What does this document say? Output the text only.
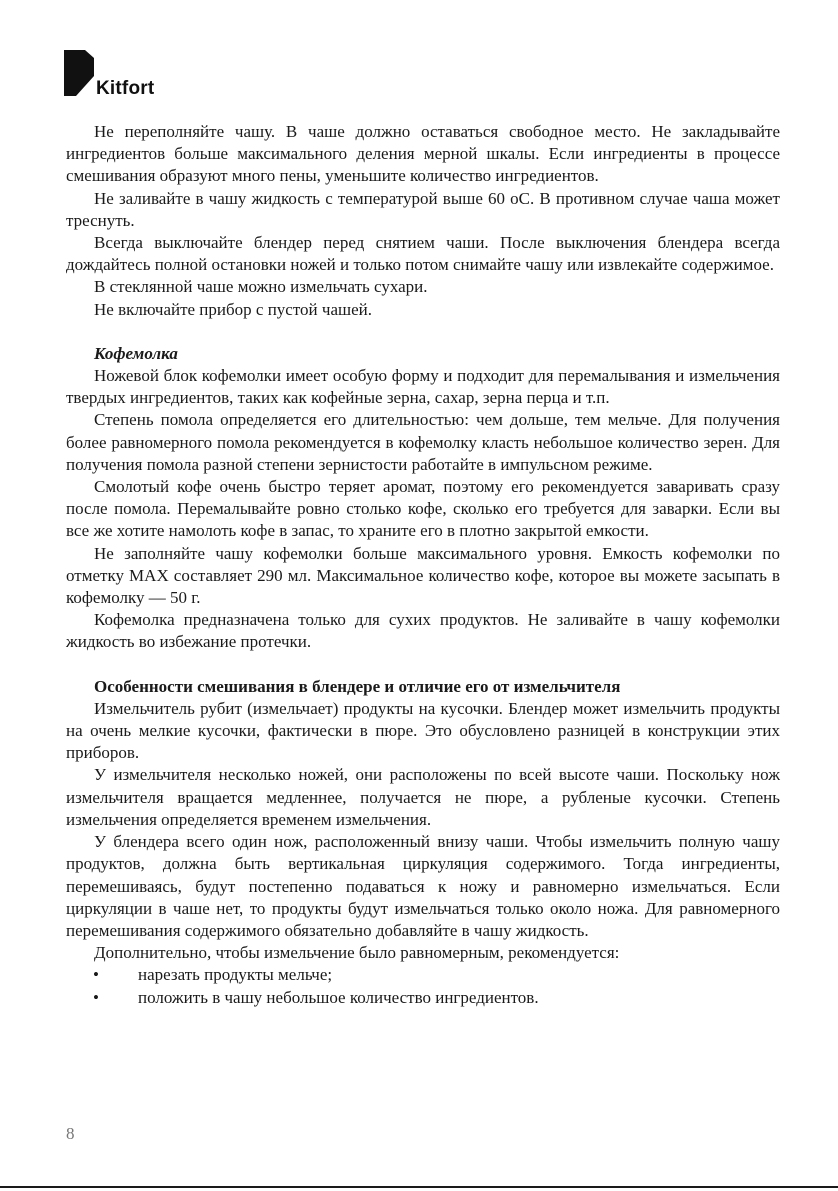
Kitfort

Не переполняйте чашу. В чаше должно оставаться свободное место. Не закладывайте ингредиентов больше максимального деления мерной шкалы. Если ингредиенты в процессе смешивания образуют много пены, уменьшите количество ингредиентов.

Не заливайте в чашу жидкость с температурой выше 60 оС. В противном случае чаша может треснуть.

Всегда выключайте блендер перед снятием чаши. После выключения блендера всегда дождайтесь полной остановки ножей и только потом снимайте чашу или извлекайте содержимое.

В стеклянной чаше можно измельчать сухари.

Не включайте прибор с пустой чашей.

Кофемолка

Ножевой блок кофемолки имеет особую форму и подходит для перемалывания и измельчения твердых ингредиентов, таких как кофейные зерна, сахар, зерна перца и т.п.

Степень помола определяется его длительностью: чем дольше, тем мельче. Для получения более равномерного помола рекомендуется в кофемолку класть небольшое количество зерен. Для получения помола разной степени зернистости работайте в импульсном режиме.

Смолотый кофе очень быстро теряет аромат, поэтому его рекомендуется заваривать сразу после помола. Перемалывайте ровно столько кофе, сколько его требуется для заварки. Если вы все же хотите намолоть кофе в запас, то храните его в плотно закрытой емкости.

Не заполняйте чашу кофемолки больше максимального уровня. Емкость кофемолки по отметку MAX составляет 290 мл. Максимальное количество кофе, которое вы можете засыпать в кофемолку — 50 г.

Кофемолка предназначена только для сухих продуктов. Не заливайте в чашу кофемолки жидкость во избежание протечки.

Особенности смешивания в блендере и отличие его от измельчителя

Измельчитель рубит (измельчает) продукты на кусочки. Блендер может измельчить продукты на очень мелкие кусочки, фактически в пюре. Это обусловлено разницей в конструкции этих приборов.

У измельчителя несколько ножей, они расположены по всей высоте чаши. Поскольку нож измельчителя вращается медленнее, получается не пюре, а рубленые кусочки. Степень измельчения определяется временем измельчения.

У блендера всего один нож, расположенный внизу чаши. Чтобы измельчить полную чашу продуктов, должна быть вертикальная циркуляция содержимого. Тогда ингредиенты, перемешиваясь, будут постепенно подаваться к ножу и равномерно измельчаться. Если циркуляции в чаше нет, то продукты будут измельчаться только около ножа. Для равномерного перемешивания содержимого обязательно добавляйте в чашу жидкость.

Дополнительно, чтобы измельчение было равномерным, рекомендуется:

• нарезать продукты мельче;
• положить в чашу небольшое количество ингредиентов.
8
